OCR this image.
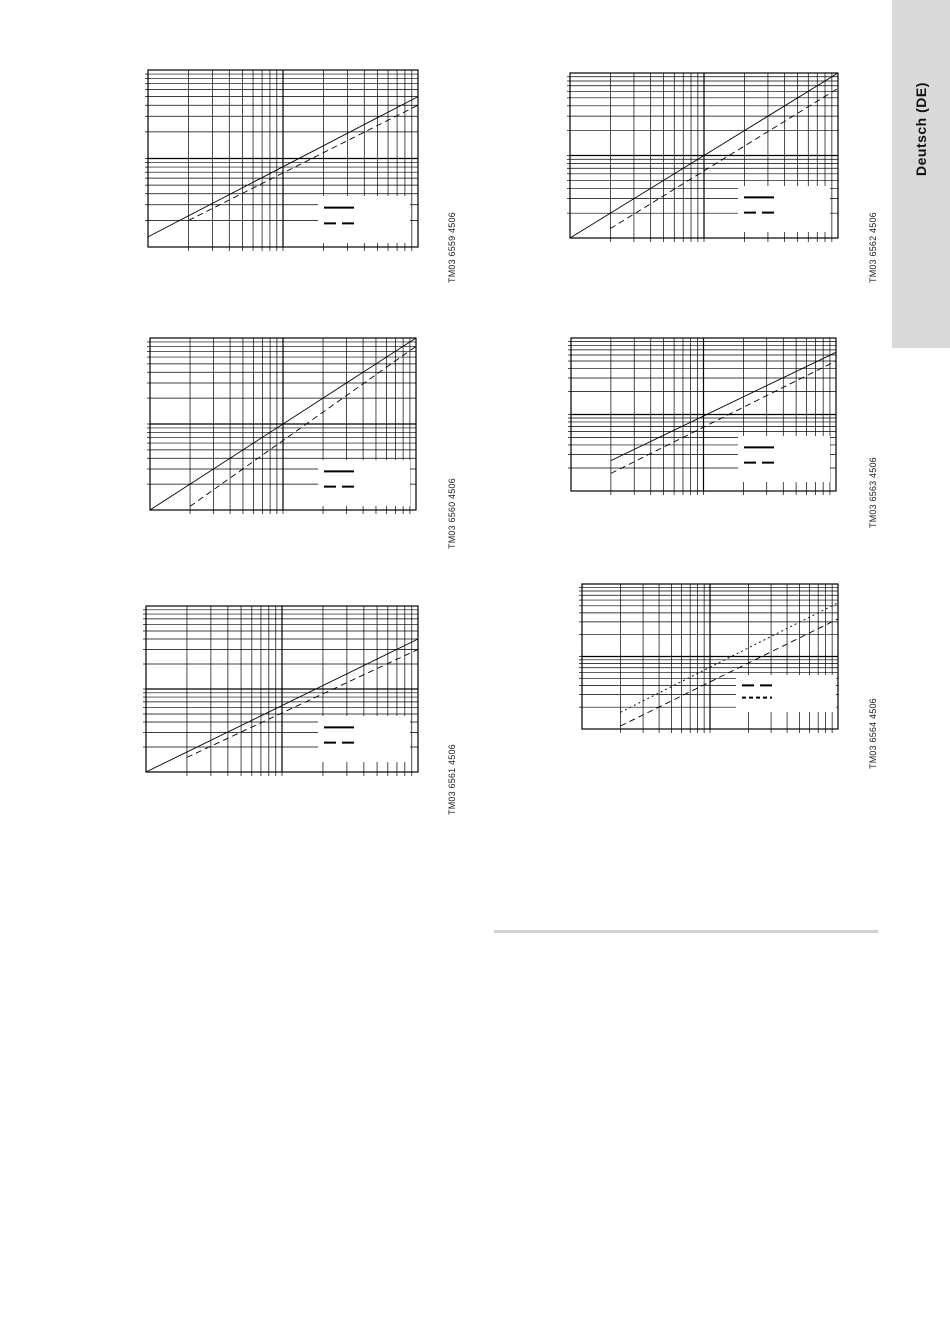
Deutsch (DE)
TM03 6559 4506
TM03 6560 4506
TM03 6561 4506
TM03 6562 4506
TM03 6563 4506
TM03 6564 4506
